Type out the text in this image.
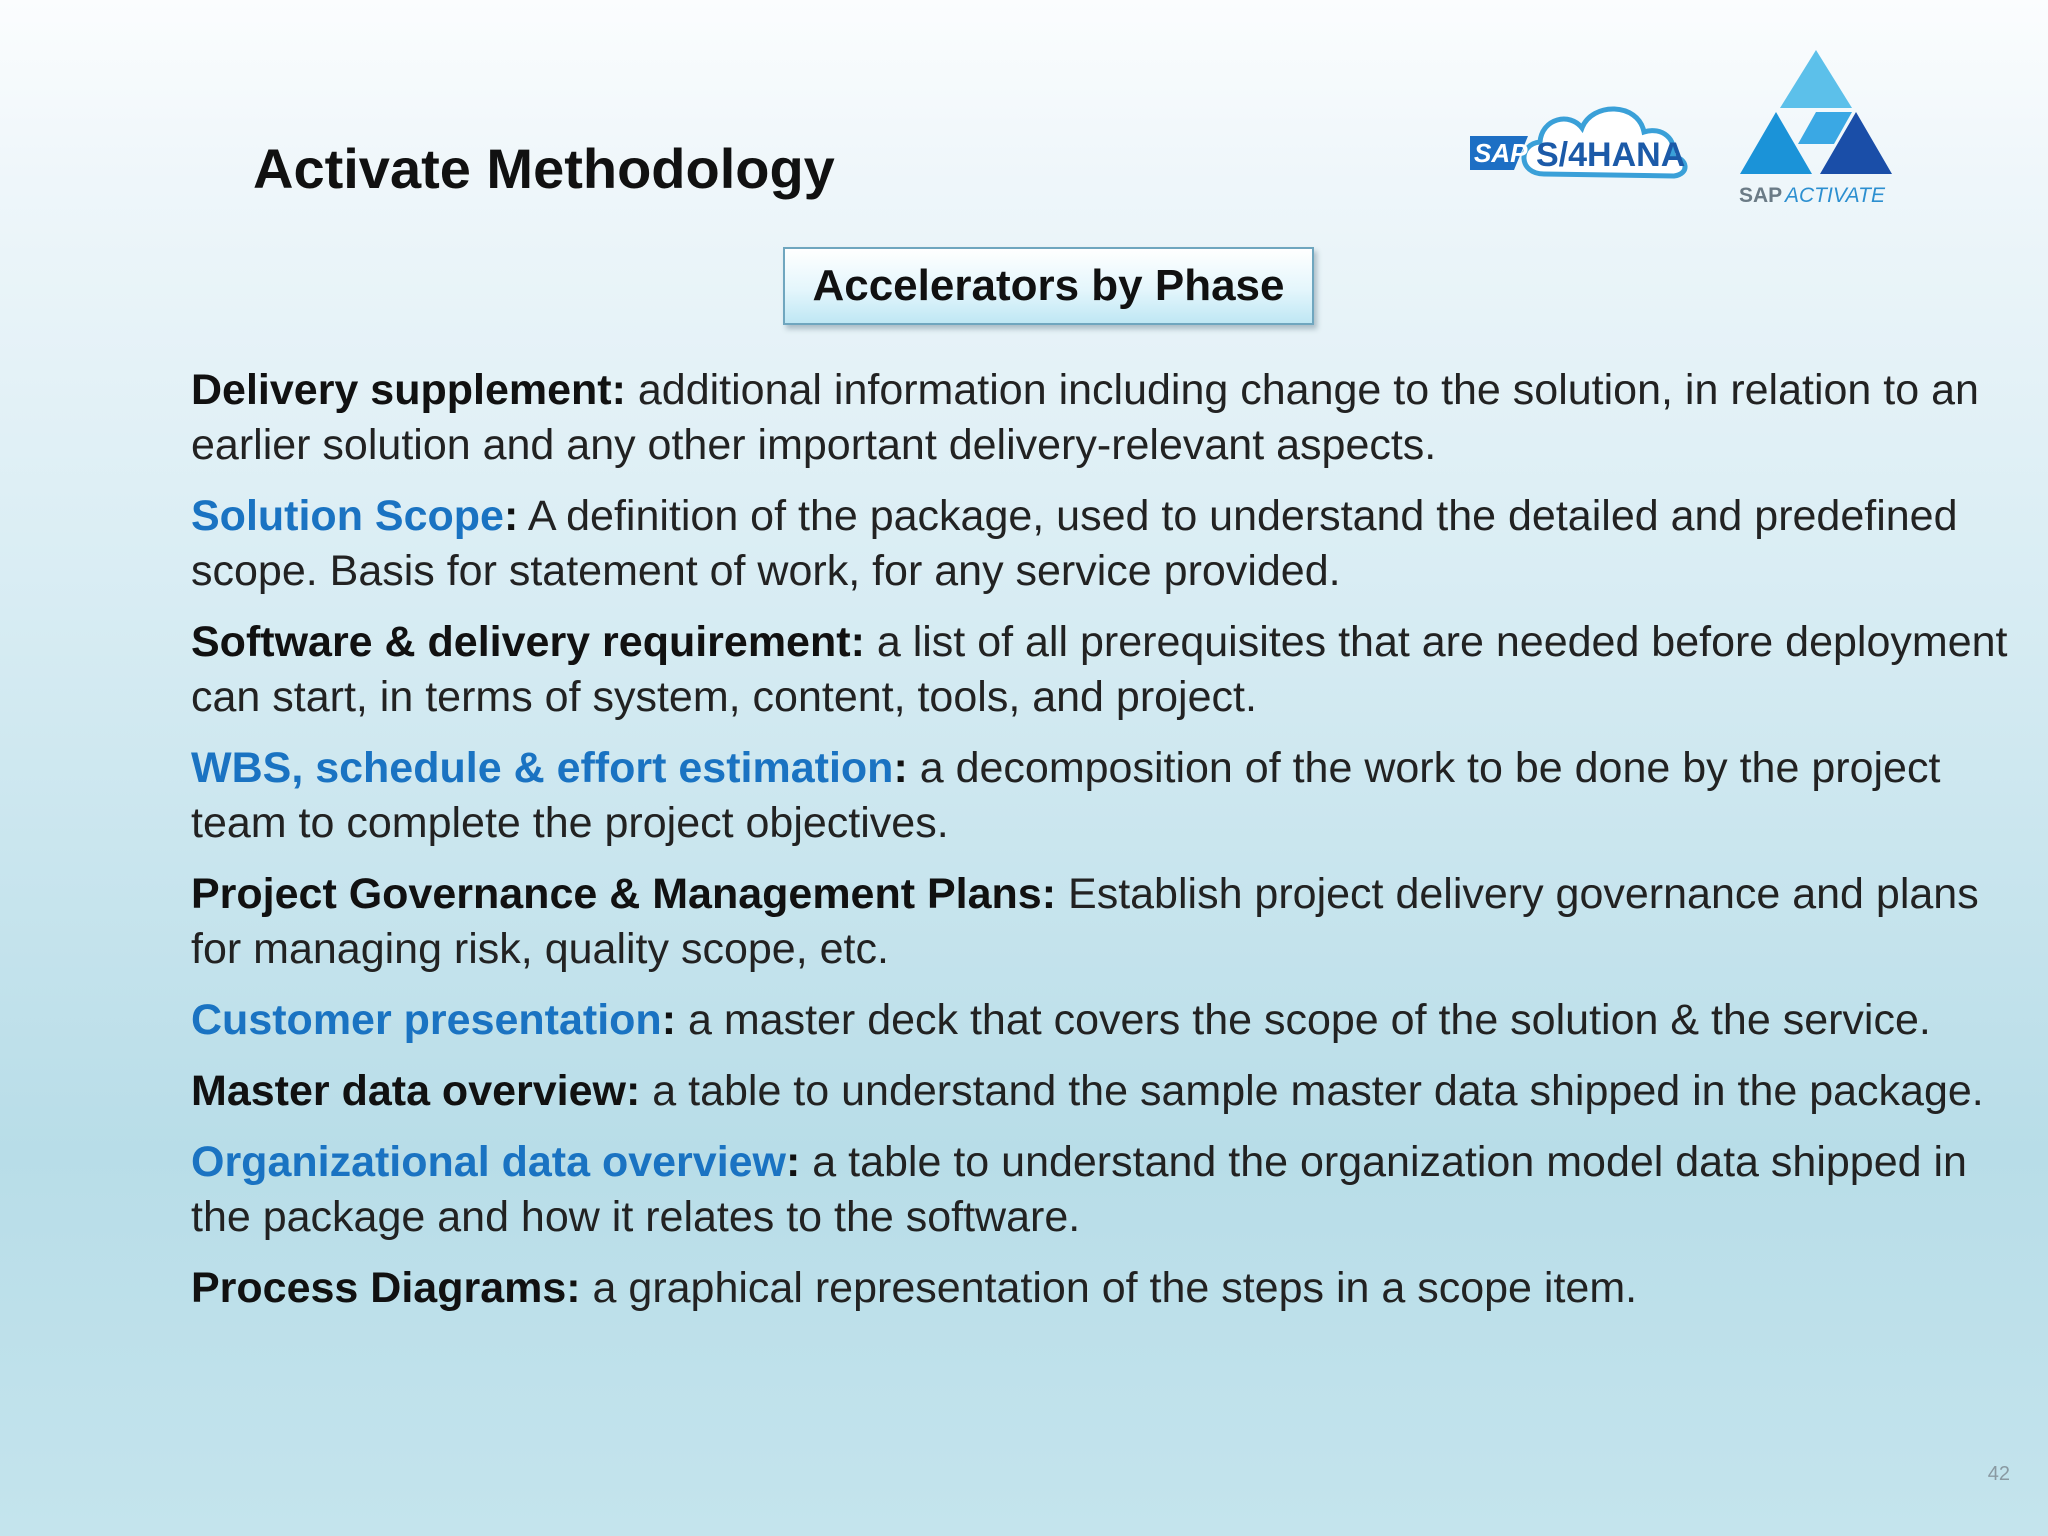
Activate Methodology	SAP S/4HANA
SAP ACTIVATE
Accelerators by Phase

Delivery supplement: additional information including change to the solution, in relation to an earlier solution and any other important delivery-relevant aspects.

Solution Scope: A definition of the package, used to understand the detailed and predefined scope. Basis for statement of work, for any service provided.

Software & delivery requirement: a list of all prerequisites that are needed before deployment can start, in terms of system, content, tools, and project.

WBS, schedule & effort estimation: a decomposition of the work to be done by the project team to complete the project objectives.

Project Governance & Management Plans: Establish project delivery governance and plans for managing risk, quality scope, etc.

Customer presentation: a master deck that covers the scope of the solution & the service.

Master data overview: a table to understand the sample master data shipped in the package.

Organizational data overview: a table to understand the organization model data shipped in the package and how it relates to the software.

Process Diagrams: a graphical representation of the steps in a scope item.

42
